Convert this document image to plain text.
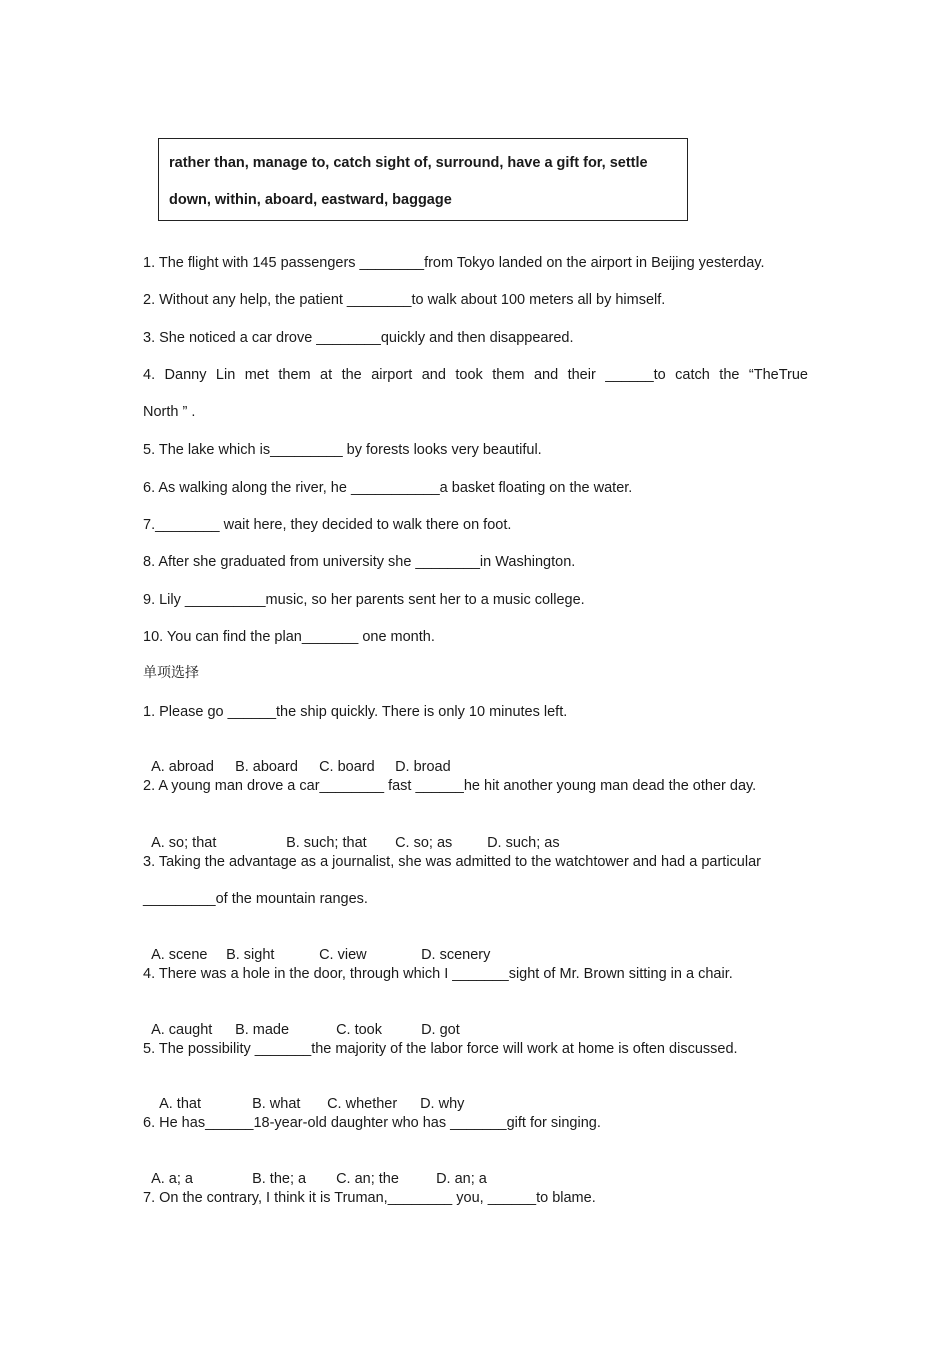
rather than, manage to, catch sight of, surround, have a gift for, settle
down, within, aboard, eastward, baggage
1. The flight with 145 passengers ________from Tokyo landed on the airport in Beijing yesterday.
2. Without any help, the patient ________to walk about 100 meters all by himself.
3. She noticed a car drove ________quickly and then disappeared.
4. Danny Lin met them at the airport and took them and their ______to catch the “TheTrue
North ” .
5. The lake which is_________ by forests looks very beautiful.
6. As walking along the river, he ___________a basket floating on the water.
7.________ wait here, they decided to walk there on foot.
8. After she graduated from university she ________in Washington.
9. Lily __________music, so her parents sent her to a music college.
10. You can find the plan_______ one month.
单项选择
1. Please go ______the ship quickly. There is only 10 minutes left.

A. abroad B. aboard C. board D. broad

2. A young man drove a car________ fast ______he hit another young man dead the other day.

A. so; that	B. such; that C. so; as D. such; as

3. Taking the advantage as a journalist, she was admitted to the watchtower and had a particular
_________of the mountain ranges.

A. scene B. sight	C. view	D. scenery

4. There was a hole in the door, through which I _______sight of Mr. Brown sitting in a chair.

A. caught B. made	C. took	D. got

5. The possibility _______the majority of the labor force will work at home is often discussed.

A. that	B. what C. whether D. why

6. He has______18-year-old daughter who has _______gift for singing.

A. a; a	B. the; a C. an; the	D. an; a

7. On the contrary, I think it is Truman,________ you, ______to blame.
